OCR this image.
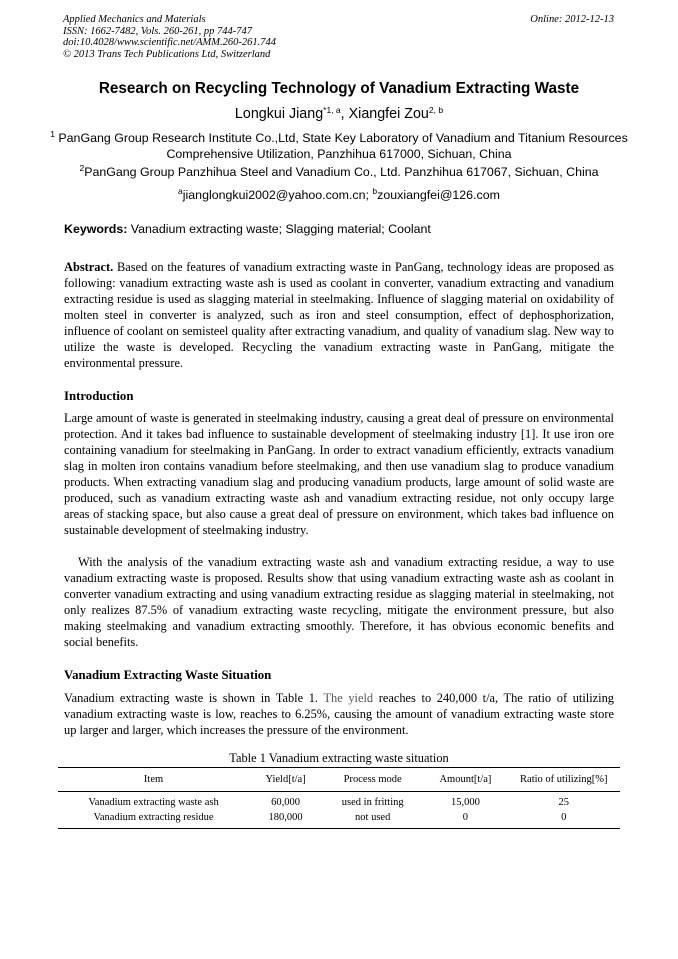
Applied Mechanics and Materials
ISSN: 1662-7482, Vols. 260-261, pp 744-747
doi:10.4028/www.scientific.net/AMM.260-261.744
© 2013 Trans Tech Publications Ltd, Switzerland
Online: 2012-12-13
Research on Recycling Technology of Vanadium Extracting Waste
Longkui Jiang$^{*1, a}$, Xiangfei Zou$^{2, b}$
$^1$ PanGang Group Research Institute Co.,Ltd, State Key Laboratory of Vanadium and Titanium Resources Comprehensive Utilization, Panzhihua 617000, Sichuan, China
$^2$PanGang Group Panzhihua Steel and Vanadium Co., Ltd. Panzhihua 617067, Sichuan, China
$^a$jianglongkui2002@yahoo.com.cn; $^b$zouxiangfei@126.com
Keywords: Vanadium extracting waste; Slagging material; Coolant
Abstract. Based on the features of vanadium extracting waste in PanGang, technology ideas are proposed as following: vanadium extracting waste ash is used as coolant in converter, vanadium extracting and vanadium extracting residue is used as slagging material in steelmaking. Influence of slagging material on oxidability of molten steel in converter is analyzed, such as iron and steel consumption, effect of dephosphorization, influence of coolant on semisteel quality after extracting vanadium, and quality of vanadium slag. New way to utilize the waste is developed. Recycling the vanadium extracting waste in PanGang, mitigate the environmental pressure.
Introduction
Large amount of waste is generated in steelmaking industry, causing a great deal of pressure on environmental protection. And it takes bad influence to sustainable development of steelmaking industry [1]. It use iron ore containing vanadium for steelmaking in PanGang. In order to extract vanadium efficiently, extracts vanadium slag in molten iron contains vanadium before steelmaking, and then use vanadium slag to produce vanadium products. When extracting vanadium slag and producing vanadium products, large amount of solid waste are produced, such as vanadium extracting waste ash and vanadium extracting residue, not only occupy large areas of stacking space, but also cause a great deal of pressure on environment, which takes bad influence on sustainable development of steelmaking industry.
With the analysis of the vanadium extracting waste ash and vanadium extracting residue, a way to use vanadium extracting waste is proposed. Results show that using vanadium extracting waste ash as coolant in converter vanadium extracting and using vanadium extracting residue as slagging material in steelmaking, not only realizes 87.5% of vanadium extracting waste recycling, mitigate the environment pressure, but also making steelmaking and vanadium extracting smoothly. Therefore, it has obvious economic benefits and social benefits.
Vanadium Extracting Waste Situation
Vanadium extracting waste is shown in Table 1. The yield reaches to 240,000 t/a, The ratio of utilizing vanadium extracting waste is low, reaches to 6.25%, causing the amount of vanadium extracting waste store up larger and larger, which increases the pressure of the environment.
Table 1 Vanadium extracting waste situation
Item	Yield[t/a]	Process mode	Amount[t/a]	Ratio of utilizing[%]
Vanadium extracting waste ash	60,000	used in fritting	15,000	25
Vanadium extracting residue	180,000	not used	0	0
